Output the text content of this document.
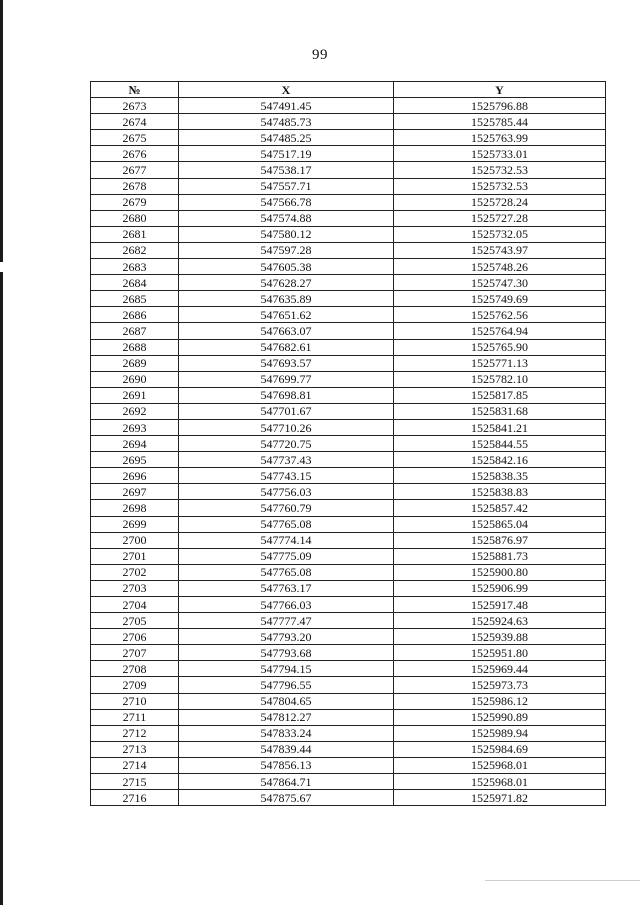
99
№	X	Y
2673	547491.45	1525796.88
2674	547485.73	1525785.44
2675	547485.25	1525763.99
2676	547517.19	1525733.01
2677	547538.17	1525732.53
2678	547557.71	1525732.53
2679	547566.78	1525728.24
2680	547574.88	1525727.28
2681	547580.12	1525732.05
2682	547597.28	1525743.97
2683	547605.38	1525748.26
2684	547628.27	1525747.30
2685	547635.89	1525749.69
2686	547651.62	1525762.56
2687	547663.07	1525764.94
2688	547682.61	1525765.90
2689	547693.57	1525771.13
2690	547699.77	1525782.10
2691	547698.81	1525817.85
2692	547701.67	1525831.68
2693	547710.26	1525841.21
2694	547720.75	1525844.55
2695	547737.43	1525842.16
2696	547743.15	1525838.35
2697	547756.03	1525838.83
2698	547760.79	1525857.42
2699	547765.08	1525865.04
2700	547774.14	1525876.97
2701	547775.09	1525881.73
2702	547765.08	1525900.80
2703	547763.17	1525906.99
2704	547766.03	1525917.48
2705	547777.47	1525924.63
2706	547793.20	1525939.88
2707	547793.68	1525951.80
2708	547794.15	1525969.44
2709	547796.55	1525973.73
2710	547804.65	1525986.12
2711	547812.27	1525990.89
2712	547833.24	1525989.94
2713	547839.44	1525984.69
2714	547856.13	1525968.01
2715	547864.71	1525968.01
2716	547875.67	1525971.82
